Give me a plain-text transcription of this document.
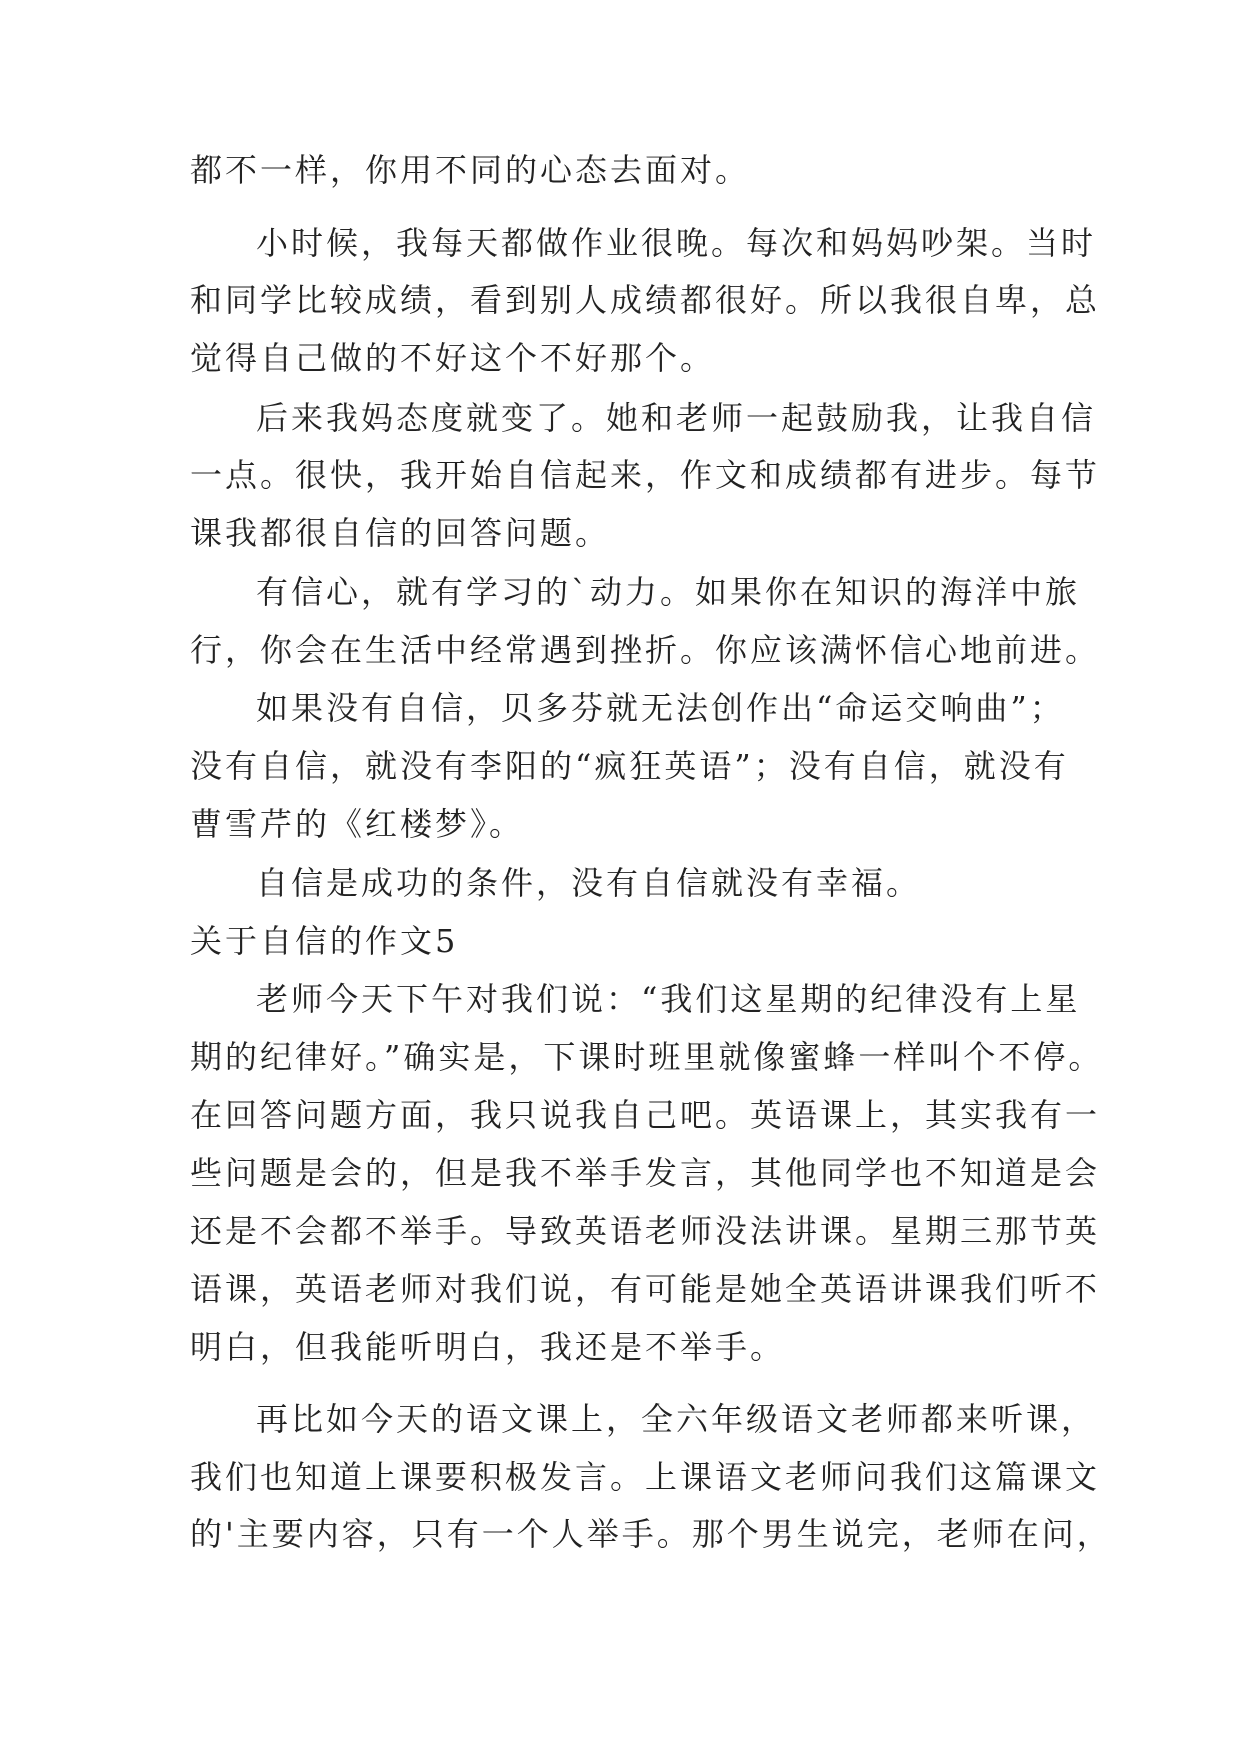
都不一样，你用不同的心态去面对。
小时候，我每天都做作业很晚。每次和妈妈吵架。当时
和同学比较成绩，看到别人成绩都很好。所以我很自卑，总
觉得自己做的不好这个不好那个。
后来我妈态度就变了。她和老师一起鼓励我，让我自信
一点。很快，我开始自信起来，作文和成绩都有进步。每节
课我都很自信的回答问题。
有信心，就有学习的`动力。如果你在知识的海洋中旅
行，你会在生活中经常遇到挫折。你应该满怀信心地前进。
如果没有自信，贝多芬就无法创作出“命运交响曲”；
没有自信，就没有李阳的“疯狂英语”；没有自信，就没有
曹雪芹的《红楼梦》。
自信是成功的条件，没有自信就没有幸福。
关于自信的作文5
老师今天下午对我们说：“我们这星期的纪律没有上星
期的纪律好。”确实是，下课时班里就像蜜蜂一样叫个不停。
在回答问题方面，我只说我自己吧。英语课上，其实我有一
些问题是会的，但是我不举手发言，其他同学也不知道是会
还是不会都不举手。导致英语老师没法讲课。星期三那节英
语课，英语老师对我们说，有可能是她全英语讲课我们听不
明白，但我能听明白，我还是不举手。
再比如今天的语文课上，全六年级语文老师都来听课，
我们也知道上课要积极发言。上课语文老师问我们这篇课文
的'主要内容，只有一个人举手。那个男生说完，老师在问，
